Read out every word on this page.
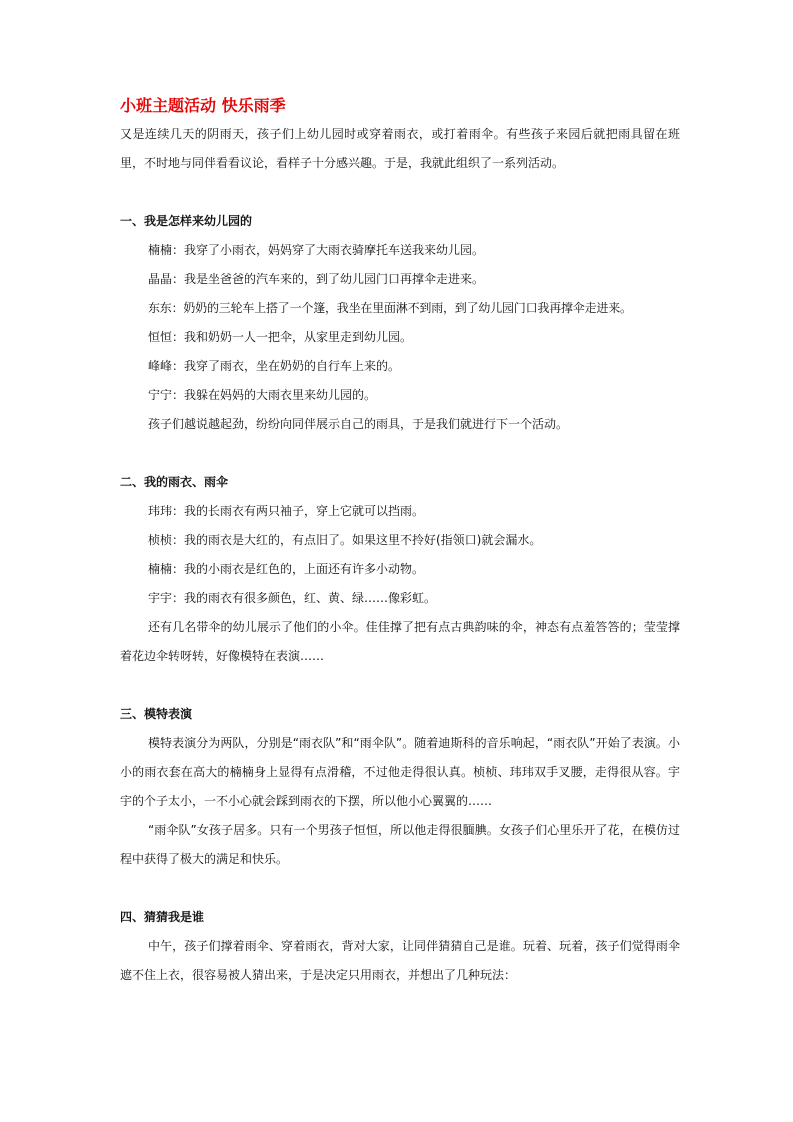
小班主题活动 快乐雨季

又是连续几天的阴雨天，孩子们上幼儿园时或穿着雨衣，或打着雨伞。有些孩子来园后就把雨具留在班里，不时地与同伴看看议论，看样子十分感兴趣。于是，我就此组织了一系列活动。

一、我是怎样来幼儿园的

楠楠：我穿了小雨衣，妈妈穿了大雨衣骑摩托车送我来幼儿园。

晶晶：我是坐爸爸的汽车来的，到了幼儿园门口再撑伞走进来。

东东：奶奶的三轮车上搭了一个篷，我坐在里面淋不到雨，到了幼儿园门口我再撑伞走进来。

恒恒：我和奶奶一人一把伞，从家里走到幼儿园。

峰峰：我穿了雨衣，坐在奶奶的自行车上来的。

宁宁：我躲在妈妈的大雨衣里来幼儿园的。

孩子们越说越起劲，纷纷向同伴展示自己的雨具，于是我们就进行下一个活动。

二、我的雨衣、雨伞

玮玮：我的长雨衣有两只袖子，穿上它就可以挡雨。

桢桢：我的雨衣是大红的，有点旧了。如果这里不拎好(指领口)就会漏水。

楠楠：我的小雨衣是红色的，上面还有许多小动物。

宇宇：我的雨衣有很多颜色，红、黄、绿……像彩虹。

还有几名带伞的幼儿展示了他们的小伞。佳佳撑了把有点古典韵味的伞，神态有点羞答答的；莹莹撑着花边伞转呀转，好像模特在表演……

三、模特表演

模特表演分为两队，分别是“雨衣队”和“雨伞队”。随着迪斯科的音乐响起，“雨衣队”开始了表演。小小的雨衣套在高大的楠楠身上显得有点滑稽，不过他走得很认真。桢桢、玮玮双手叉腰，走得很从容。宇宇的个子太小，一不小心就会踩到雨衣的下摆，所以他小心翼翼的……

“雨伞队”女孩子居多。只有一个男孩子恒恒，所以他走得很腼腆。女孩子们心里乐开了花，在模仿过程中获得了极大的满足和快乐。

四、猜猜我是谁

中午，孩子们撑着雨伞、穿着雨衣，背对大家，让同伴猜猜自己是谁。玩着、玩着，孩子们觉得雨伞遮不住上衣，很容易被人猜出来，于是决定只用雨衣，并想出了几种玩法：
